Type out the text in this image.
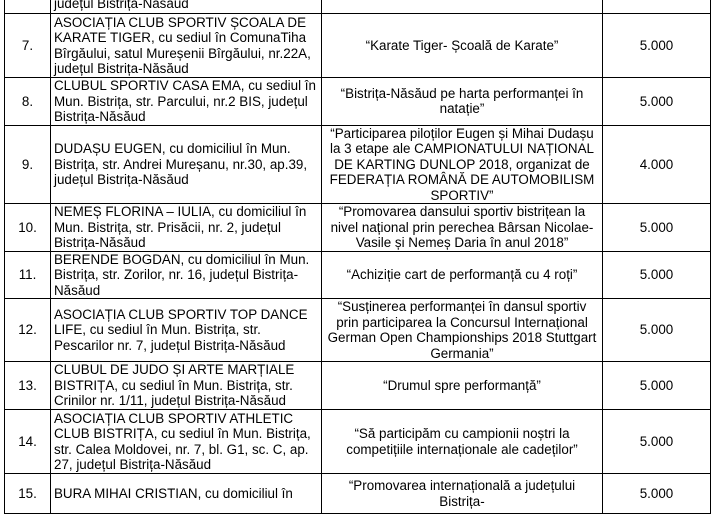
	județul Bistrița-Năsăud		
7.	ASOCIAȚIA CLUB SPORTIV ȘCOALA DE KARATE TIGER, cu sediul în ComunaTiha Bîrgăului, satul Mureșenii Bîrgăului, nr.22A, județul Bistrița-Năsăud	“Karate Tiger- Școală de Karate”	5.000
8.	CLUBUL SPORTIV CASA EMA, cu sediul în Mun. Bistrița, str. Parcului, nr.2 BIS, județul Bistrița-Năsăud	“Bistrița-Năsăud pe harta performanței în natație”	5.000
9.	DUDAȘU EUGEN, cu domiciliul în Mun. Bistrița, str. Andrei Mureșanu, nr.30, ap.39, județul Bistrița-Năsăud	“Participarea piloților Eugen și Mihai Dudașu la 3 etape ale CAMPIONATULUI NAȚIONAL DE KARTING DUNLOP 2018, organizat de FEDERAȚIA ROMÂNĂ DE AUTOMOBILISM SPORTIV”	4.000
10.	NEMEȘ FLORINA – IULIA, cu domiciliul în Mun. Bistrița, str. Prisăcii, nr. 2, județul Bistrița-Năsăud	“Promovarea dansului sportiv bistrițean la nivel național prin perechea Bârsan Nicolae-Vasile și Nemeș Daria în anul 2018”	5.000
11.	BERENDE BOGDAN, cu domiciliul în Mun. Bistrița, str. Zorilor, nr. 16, județul Bistrița-Năsăud	“Achiziție cart de performanță cu 4 roți”	5.000
12.	ASOCIAȚIA CLUB SPORTIV TOP DANCE LIFE, cu sediul în Mun. Bistrița, str. Pescarilor nr. 7, județul Bistrița-Năsăud	“Susținerea performanței în dansul sportiv prin participarea la Concursul Internațional German Open Championships 2018 Stuttgart Germania”	5.000
13.	CLUBUL DE JUDO ȘI ARTE MARȚIALE BISTRIȚA, cu sediul în Mun. Bistrița, str. Crinilor nr. 1/11, județul Bistrița-Năsăud	“Drumul spre performanță”	5.000
14.	ASOCIAȚIA CLUB SPORTIV ATHLETIC CLUB BISTRIȚA, cu sediul în Mun. Bistrița, str. Calea Moldovei, nr. 7, bl. G1, sc. C, ap. 27, județul Bistrița-Năsăud	“Să participăm cu campionii noștri la competițiile internaționale ale cadeților”	5.000
15.	BURA MIHAI CRISTIAN, cu domiciliul în	“Promovarea internațională a județului Bistrița-	5.000
